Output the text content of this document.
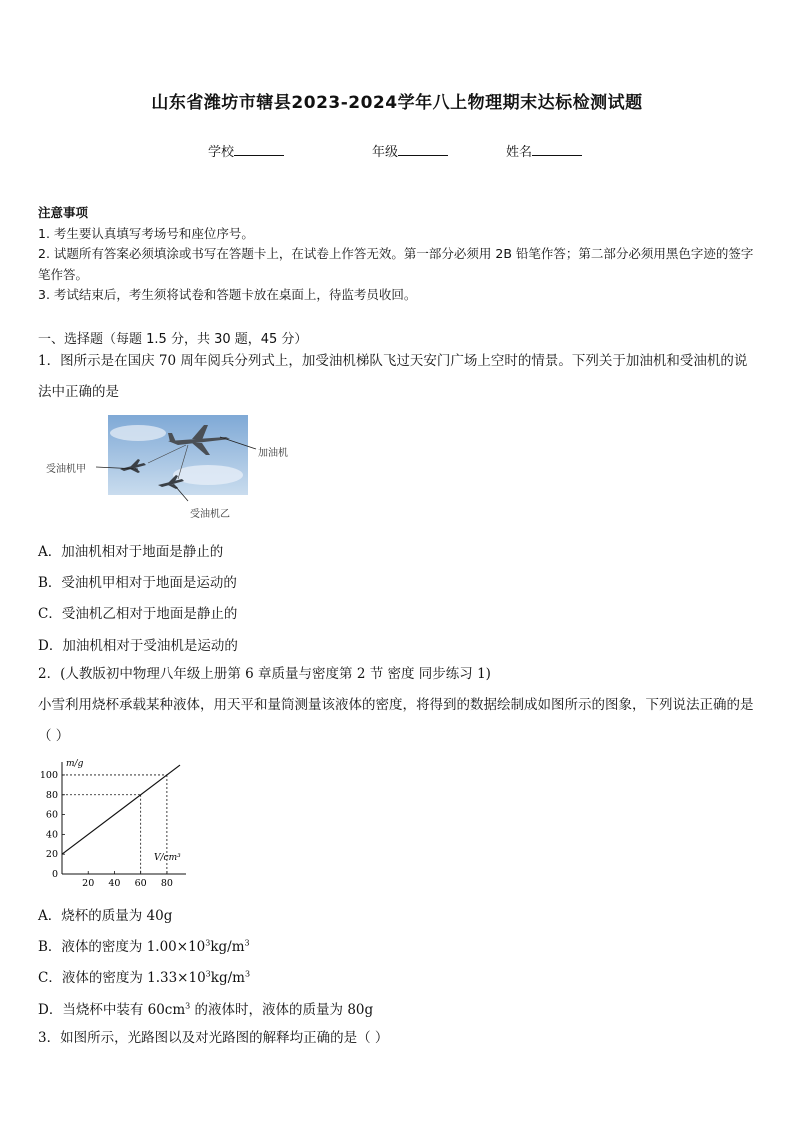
山东省潍坊市辖县2023-2024学年八上物理期末达标检测试题
学校	年级	姓名
注意事项
1. 考生要认真填写考场号和座位序号。
2. 试题所有答案必须填涂或书写在答题卡上，在试卷上作答无效。第一部分必须用 2B 铅笔作答；第二部分必须用黑色字迹的签字笔作答。
3. 考试结束后，考生须将试卷和答题卡放在桌面上，待监考员收回。
一、选择题（每题 1.5 分，共 30 题，45 分）
1．图所示是在国庆 70 周年阅兵分列式上，加受油机梯队飞过天安门广场上空时的情景。下列关于加油机和受油机的说法中正确的是
加油机
受油机甲
受油机乙
A．加油机相对于地面是静止的
B．受油机甲相对于地面是运动的
C．受油机乙相对于地面是静止的
D．加油机相对于受油机是运动的
2．(人教版初中物理八年级上册第 6 章质量与密度第 2 节 密度 同步练习 1)
小雪利用烧杯承载某种液体，用天平和量筒测量该液体的密度，将得到的数据绘制成如图所示的图象，下列说法正确的是（ ）
m/g
V/cm³
0
20
40
60
80
100
20 40 60 80
A．烧杯的质量为 40g
B．液体的密度为 $1.00\times 10^3kg/m^3$
C．液体的密度为 $1.33\times 10^3kg/m^3$
D．当烧杯中装有 $60cm^3$ 的液体时，液体的质量为 80g
3．如图所示，光路图以及对光路图的解释均正确的是（ ）
